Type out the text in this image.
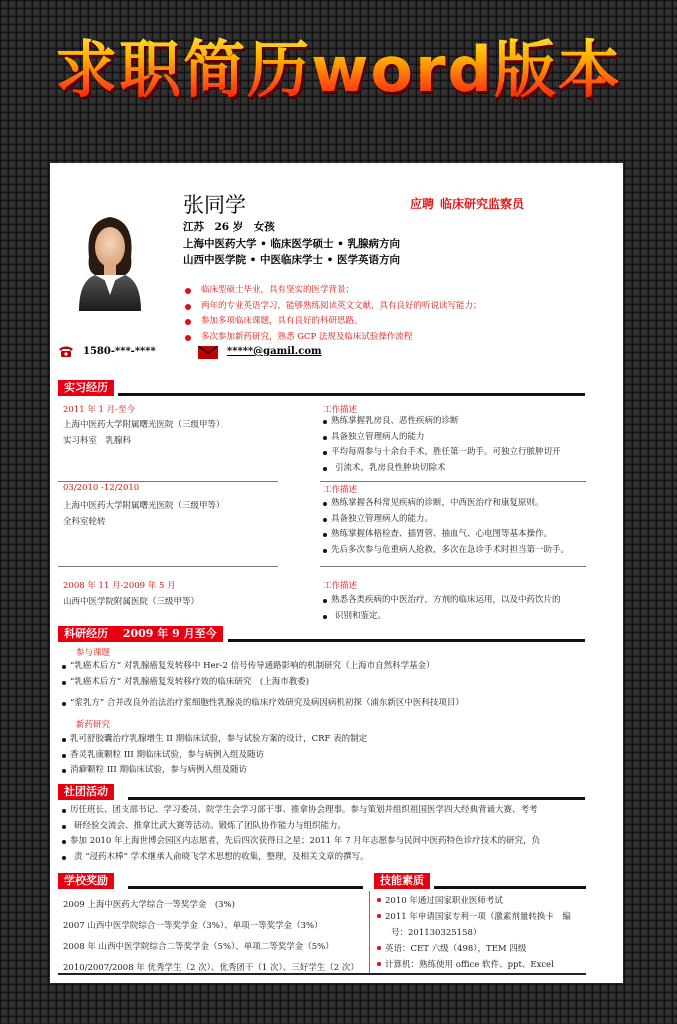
求职简历word版本
张同学	应聘 临床研究监察员
江苏　26 岁　女孩
上海中医药大学 • 临床医学硕士 • 乳腺病方向
山西中医学院 • 中医临床学士 • 医学英语方向
临床型硕士毕业，具有坚实的医学背景；
两年的专业英语学习，能够熟练阅读英文文献，具有良好的听说读写能力；
参加多项临床课题，具有良好的科研思路。
多次参加新药研究，熟悉 GCP 法规及临床试验操作流程
1580-***-****	*****@gamil.com
实习经历
2011 年 1 月-至今
上海中医药大学附属曙光医院（三级甲等）
实习科室　乳腺科
工作描述
熟练掌握乳房良、恶性疾病的诊断
具备独立管理病人的能力
平均每周参与十余台手术，胜任第一助手。可独立行脓肿切开
引流术，乳房良性肿块切除术
03/2010 -12/2010
上海中医药大学附属曙光医院（三级甲等）
全科室轮转
工作描述
熟练掌握各科常见疾病的诊断，中西医治疗和康复原则。
具备独立管理病人的能力。
熟练掌握体格检查、插胃管、抽血气、心电图等基本操作。
先后多次参与危重病人抢救，多次在急诊手术时担当第一助手。
2008 年 11 月-2009 年 5 月
山西中医学院附属医院（三级甲等）
工作描述
熟悉各类疾病的中医治疗，方剂的临床运用，以及中药饮片的
识别和鉴定。
科研经历　 2009 年 9 月至今
参与课题
“乳癌术后方” 对乳腺癌复发转移中 Her-2 信号传导通路影响的机制研究（上海市自然科学基金）
“乳癌术后方” 对乳腺癌复发转移疗效的临床研究　(上海市教委)
“浆乳方” 合并改良外治法治疗浆细胞性乳腺炎的临床疗效研究及病因病机初探（浦东新区中医科技项目）
新药研究
乳可舒胶囊治疗乳腺增生 II 期临床试验，参与试验方案的设计，CRF 表的制定
香灵乳康颗粒 III 期临床试验，参与病例入组及随访
消癖颗粒 III 期临床试验，参与病例入组及随访
社团活动
历任班长、团支部书记、学习委员、院学生会学习部干事、推拿协会理事。参与策划并组织祖国医学四大经典背诵大赛、考考
研经验交流会、推拿比武大赛等活动。锻炼了团队协作能力与组织能力。
参加 2010 年上海世博会园区内志愿者，先后四次获得日之星；2011 年 7 月年志愿参与民间中医药特色诊疗技术的研究，负
责 “浸药木棒” 学术继承人俞晓飞学术思想的收集，整理，及相关文章的撰写。
学校奖励
2009 上海中医药大学综合一等奖学金　(3%)
2007 山西中医学院综合一等奖学金（3%）、单项一等奖学金（3%）
2008 年 山西中医学院综合二等奖学金（5%）、单项二等奖学金（5%）
2010/2007/2008 年 优秀学生（2 次）、优秀团干（1 次）、三好学生（2 次）
技能素质
2010 年通过国家职业医师考试
2011 年申请国家专利一项（激素剂量转换卡　编
号：201130325158）
英语：CET 六级（498），TEM 四级
计算机：熟练使用 office 软件、ppt、Excel
